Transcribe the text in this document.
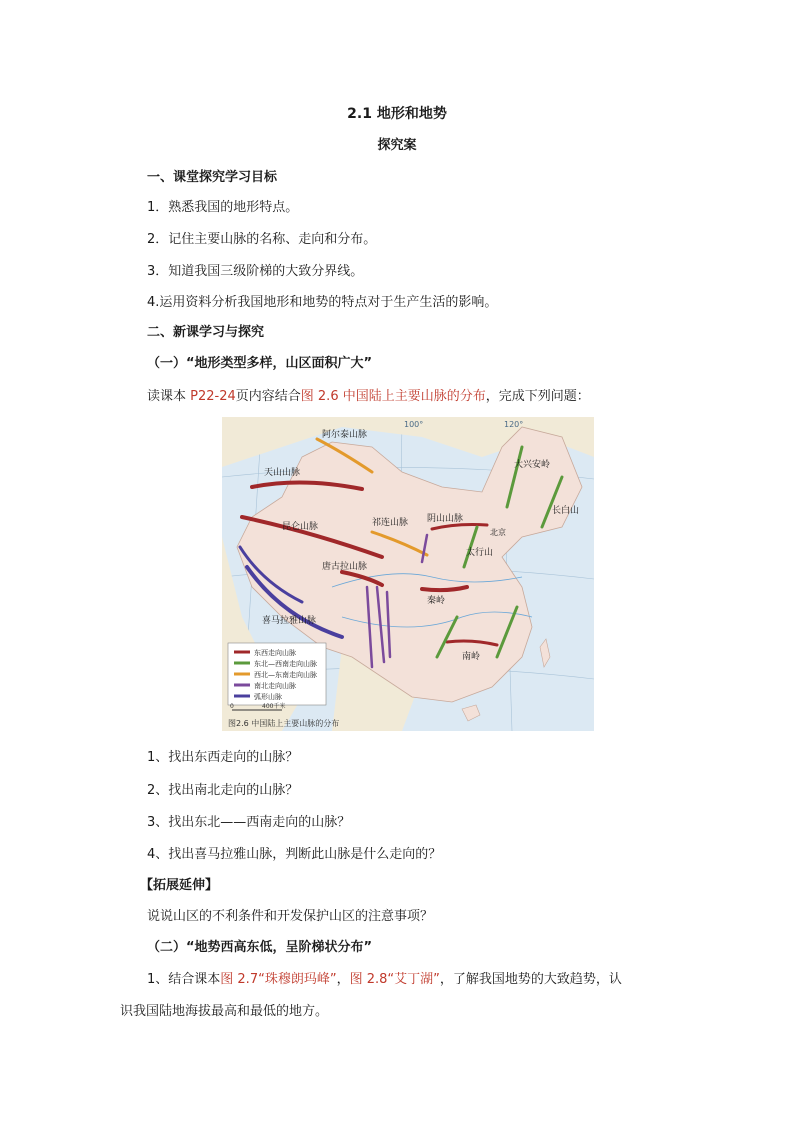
2.1 地形和地势
探究案
一、课堂探究学习目标
1．熟悉我国的地形特点。
2．记住主要山脉的名称、走向和分布。
3．知道我国三级阶梯的大致分界线。
4.运用资料分析我国地形和地势的特点对于生产生活的影响。
二、新课学习与探究
（一）“地形类型多样，山区面积广大”
读课本 P22-24页内容结合图 2.6 中国陆上主要山脉的分布，完成下列问题：
天山山脉
阿尔泰山脉
昆仑山脉	祁连山脉
唐古拉山脉
喜马拉雅山脉
阴山山脉
秦岭
太行山
大兴安岭
长白山
南岭
北京
100°	120°
东西走向山脉
东北—西南走向山脉
西北—东南走向山脉
南北走向山脉
弧形山脉
0	400千米
图2.6 中国陆上主要山脉的分布
1、找出东西走向的山脉？
2、找出南北走向的山脉？
3、找出东北——西南走向的山脉？
4、找出喜马拉雅山脉，判断此山脉是什么走向的？
【拓展延伸】
说说山区的不利条件和开发保护山区的注意事项？
（二）“地势西高东低，呈阶梯状分布”
1、结合课本图 2.7“珠穆朗玛峰”，图 2.8“艾丁湖”，了解我国地势的大致趋势，认
识我国陆地海拔最高和最低的地方。
